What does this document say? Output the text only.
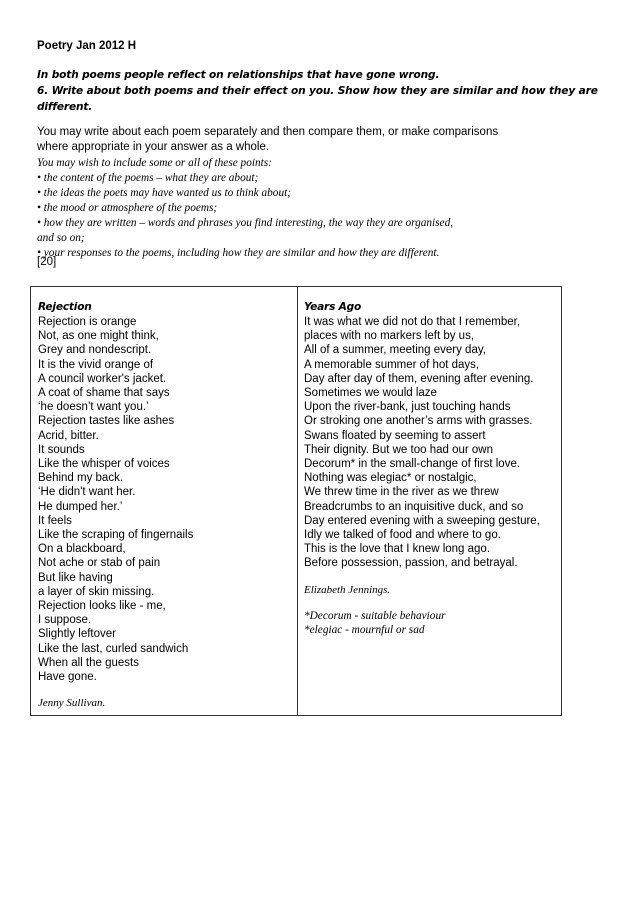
Poetry Jan 2012 H
In both poems people reflect on relationships that have gone wrong.
6. Write about both poems and their effect on you. Show how they are similar and how they are
different.
You may write about each poem separately and then compare them, or make comparisons
where appropriate in your answer as a whole.
You may wish to include some or all of these points:
• the content of the poems – what they are about;
• the ideas the poets may have wanted us to think about;
• the mood or atmosphere of the poems;
• how they are written – words and phrases you find interesting, the way they are organised,
and so on;
• your responses to the poems, including how they are similar and how they are different.
[20]
Rejection
Rejection is orange
Not, as one might think,
Grey and nondescript.
It is the vivid orange of
A council worker's jacket.
A coat of shame that says
‘he doesn’t want you.’
Rejection tastes like ashes
Acrid, bitter.
It sounds
Like the whisper of voices
Behind my back.
‘He didn't want her.
He dumped her.’
It feels
Like the scraping of fingernails
On a blackboard,
Not ache or stab of pain
But like having
a layer of skin missing.
Rejection looks like - me,
I suppose.
Slightly leftover
Like the last, curled sandwich
When all the guests
Have gone.
Jenny Sullivan.
Years Ago
It was what we did not do that I remember,
places with no markers left by us,
All of a summer, meeting every day,
A memorable summer of hot days,
Day after day of them, evening after evening.
Sometimes we would laze
Upon the river-bank, just touching hands
Or stroking one another’s arms with grasses.
Swans floated by seeming to assert
Their dignity. But we too had our own
Decorum* in the small-change of first love.
Nothing was elegiac* or nostalgic,
We threw time in the river as we threw
Breadcrumbs to an inquisitive duck, and so
Day entered evening with a sweeping gesture,
Idly we talked of food and where to go.
This is the love that I knew long ago.
Before possession, passion, and betrayal.
Elizabeth Jennings.
*Decorum - suitable behaviour
*elegiac - mournful or sad
